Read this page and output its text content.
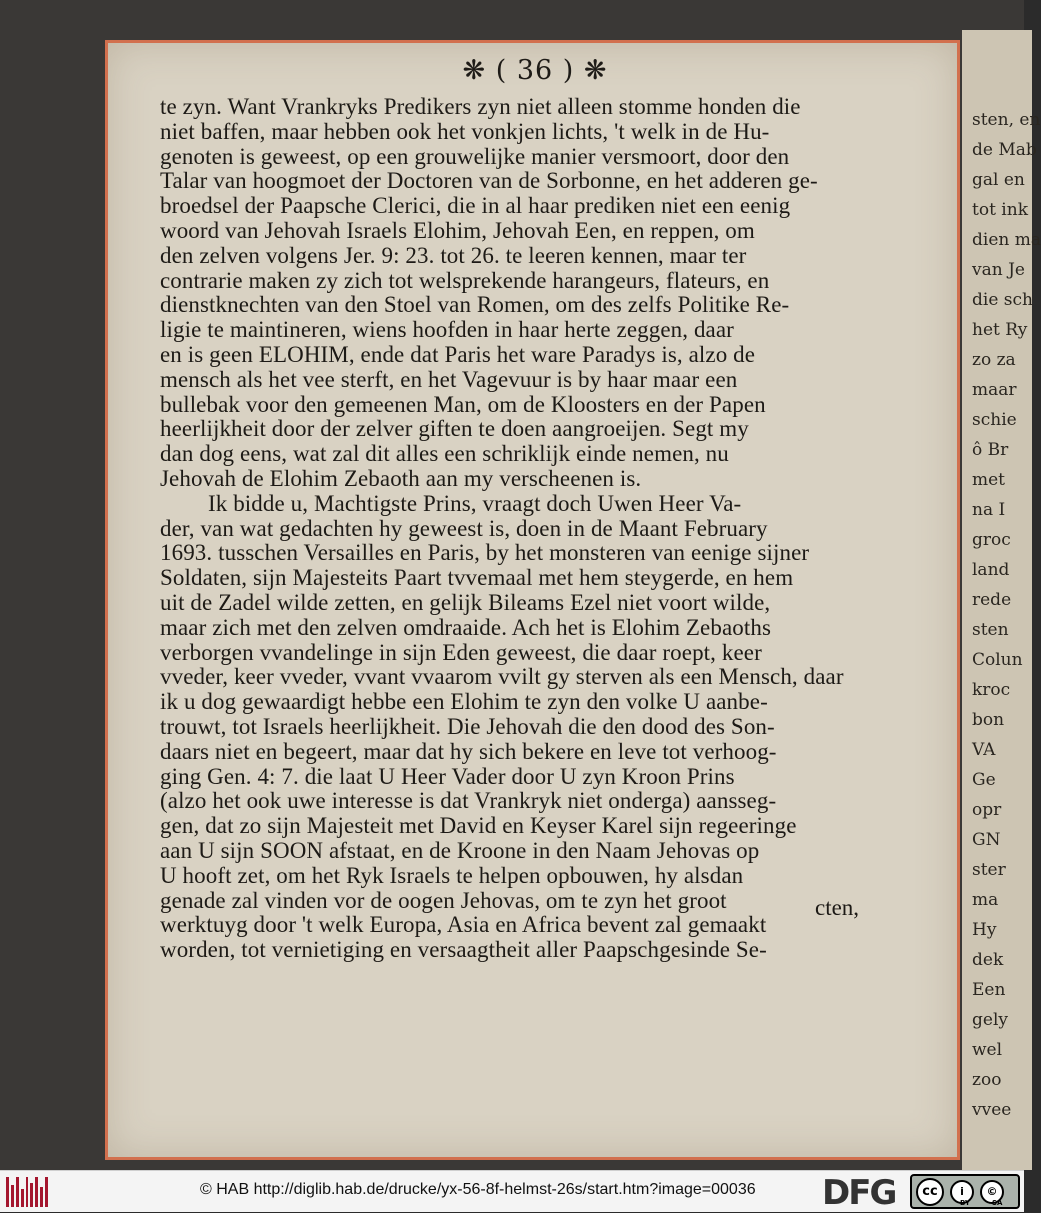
sten, en
de Mab
gal en
tot ink
dien ma
van Je
die sch
het Ry
zo za
maar
schie
ô Br
met
na I
groc
land
rede
sten
Colun
kroc
bon
VA
Ge
opr
GN
ster
ma
Hy
dek
Een
gely
wel
zoo
vvee
❋ ( 36 ) ❋
te zyn. Want Vrankryks Predikers zyn niet alleen stomme honden die
niet baffen, maar hebben ook het vonkjen lichts, 't welk in de Hu-
genoten is geweest, op een grouwelijke manier versmoort, door den
Talar van hoogmoet der Doctoren van de Sorbonne, en het adderen ge-
broedsel der Paapsche Clerici, die in al haar prediken niet een eenig
woord van Jehovah Israels Elohim, Jehovah Een, en reppen, om
den zelven volgens Jer. 9: 23. tot 26. te leeren kennen, maar ter
contrarie maken zy zich tot welsprekende harangeurs, flateurs, en
dienstknechten van den Stoel van Romen, om des zelfs Politike Re-
ligie te maintineren, wiens hoofden in haar herte zeggen, daar
en is geen ELOHIM, ende dat Paris het ware Paradys is, alzo de
mensch als het vee sterft, en het Vagevuur is by haar maar een
bullebak voor den gemeenen Man, om de Kloosters en der Papen
heerlijkheit door der zelver giften te doen aangroeijen. Segt my
dan dog eens, wat zal dit alles een schriklijk einde nemen, nu
Jehovah de Elohim Zebaoth aan my verscheenen is.
Ik bidde u, Machtigste Prins, vraagt doch Uwen Heer Va-
der, van wat gedachten hy geweest is, doen in de Maant February
1693. tusschen Versailles en Paris, by het monsteren van eenige sijner
Soldaten, sijn Majesteits Paart tvvemaal met hem steygerde, en hem
uit de Zadel wilde zetten, en gelijk Bileams Ezel niet voort wilde,
maar zich met den zelven omdraaide. Ach het is Elohim Zebaoths
verborgen vvandelinge in sijn Eden geweest, die daar roept, keer
vveder, keer vveder, vvant vvaarom vvilt gy sterven als een Mensch, daar
ik u dog gewaardigt hebbe een Elohim te zyn den volke U aanbe-
trouwt, tot Israels heerlijkheit. Die Jehovah die den dood des Son-
daars niet en begeert, maar dat hy sich bekere en leve tot verhoog-
ging Gen. 4: 7. die laat U Heer Vader door U zyn Kroon Prins
(alzo het ook uwe interesse is dat Vrankryk niet onderga) aansseg-
gen, dat zo sijn Majesteit met David en Keyser Karel sijn regeeringe
aan U sijn SOON afstaat, en de Kroone in den Naam Jehovas op
U hooft zet, om het Ryk Israels te helpen opbouwen, hy alsdan
genade zal vinden vor de oogen Jehovas, om te zyn het groot
werktuyg door 't welk Europa, Asia en Africa bevent zal gemaakt
worden, tot vernietiging en versaagtheit aller Paapschgesinde Se-
cten,
© HAB http://diglib.hab.de/drucke/yx-56-8f-helmst-26s/start.htm?image=00036 DFG	cc	i	©
BY	SA
